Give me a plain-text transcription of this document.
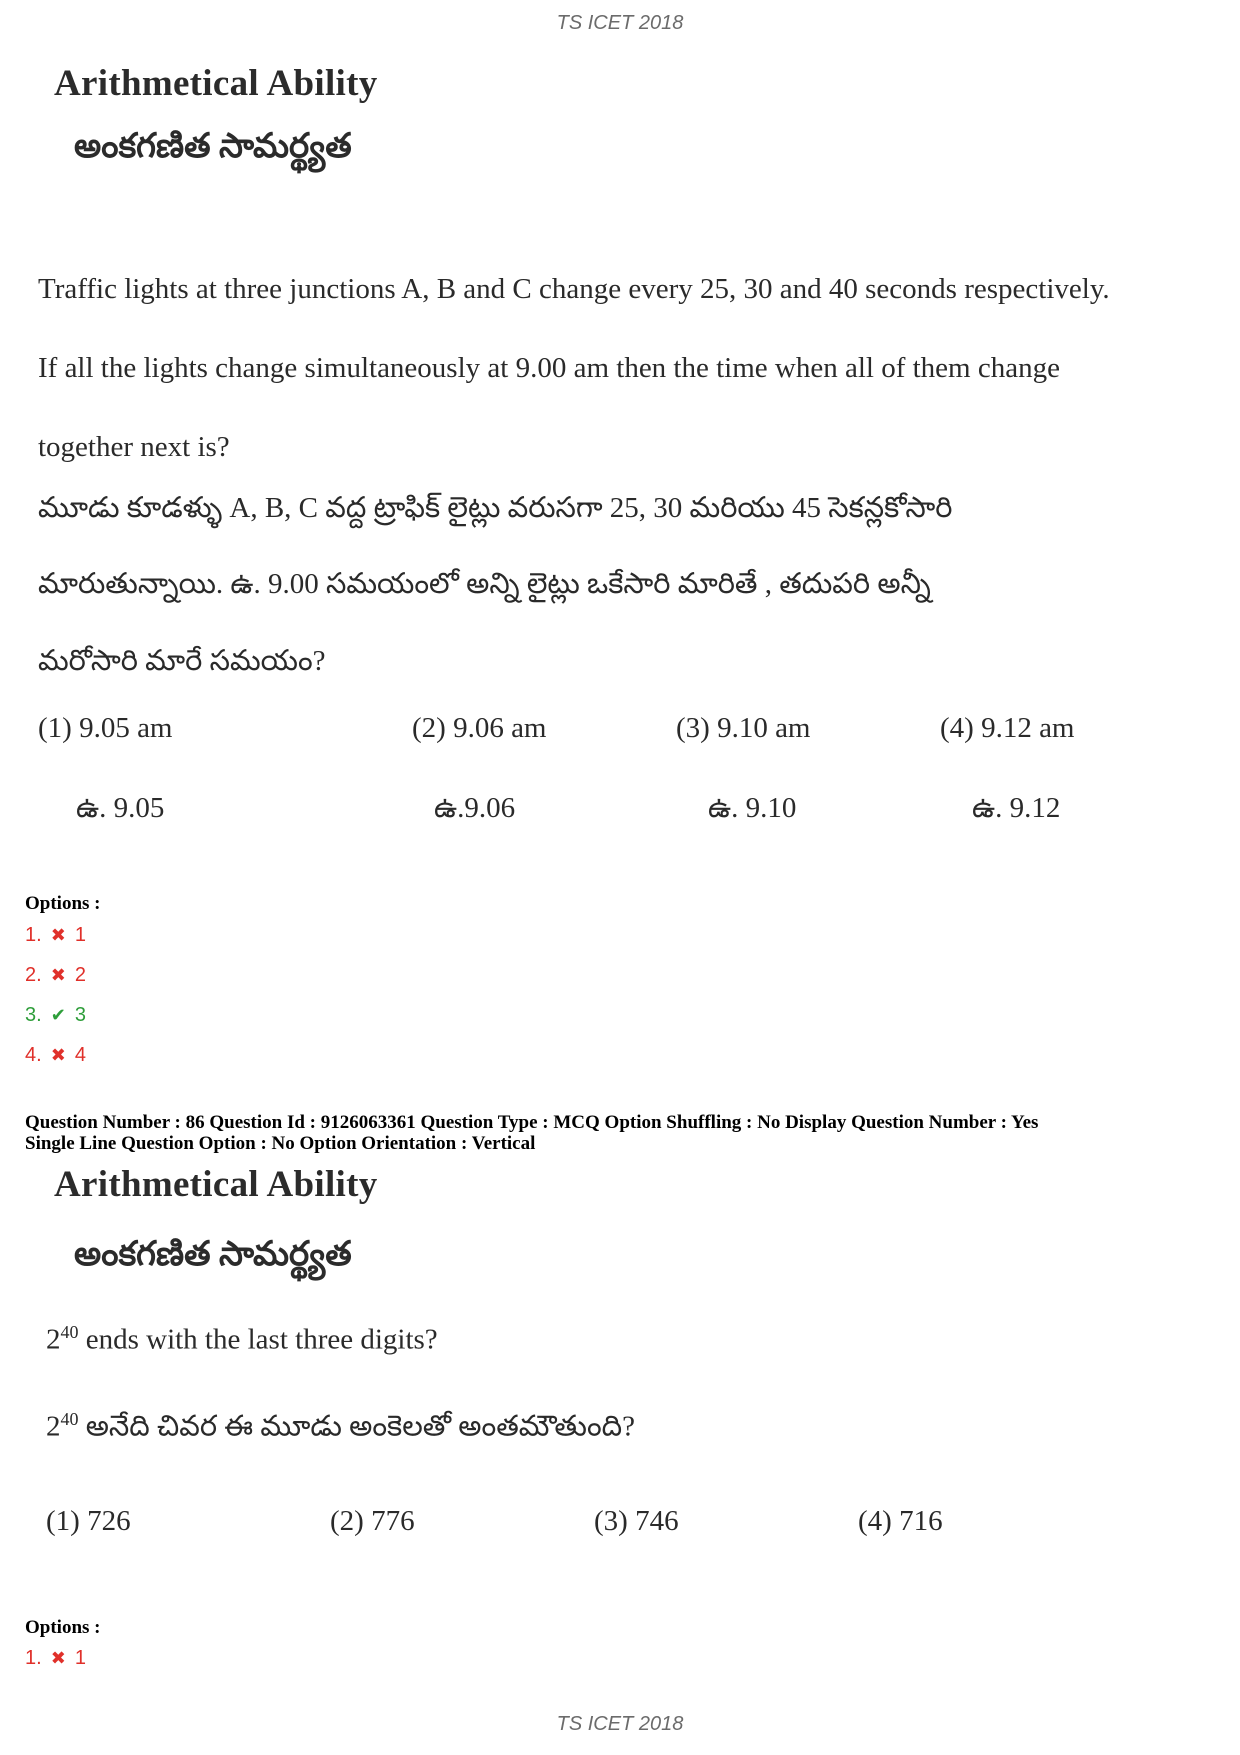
TS ICET 2018
Arithmetical Ability
అంకగణిత సామర్థ్యత
Traffic lights at three junctions A, B and C change every 25, 30 and 40 seconds respectively. If all the lights change simultaneously at 9.00 am then the time when all of them change together next is?
మూడు కూడళ్ళు A, B, C వద్ద ట్రాఫిక్ లైట్లు వరుసగా 25, 30 మరియు 45 సెకన్లకోసారి
మారుతున్నాయి. ఉ. 9.00 సమయంలో అన్ని లైట్లు ఒకేసారి మారితే , తదుపరి అన్నీ
మరోసారి మారే సమయం?
(1) 9.05 am	(2) 9.06 am	(3) 9.10 am	(4) 9.12 am
ఉ. 9.05	ఉ.9.06	ఉ. 9.10	ఉ. 9.12
Options :
1. ✖ 1
2. ✖ 2
3. ✔ 3
4. ✖ 4
Question Number : 86 Question Id : 9126063361 Question Type : MCQ Option Shuffling : No Display Question Number : Yes
Single Line Question Option : No Option Orientation : Vertical
Arithmetical Ability
అంకగణిత సామర్థ్యత
$2^{40}$ ends with the last three digits?
$2^{40}$ అనేది చివర ఈ మూడు అంకెలతో అంతమౌతుంది?
(1) 726	(2) 776	(3) 746	(4) 716
Options :
1. ✖ 1
TS ICET 2018
